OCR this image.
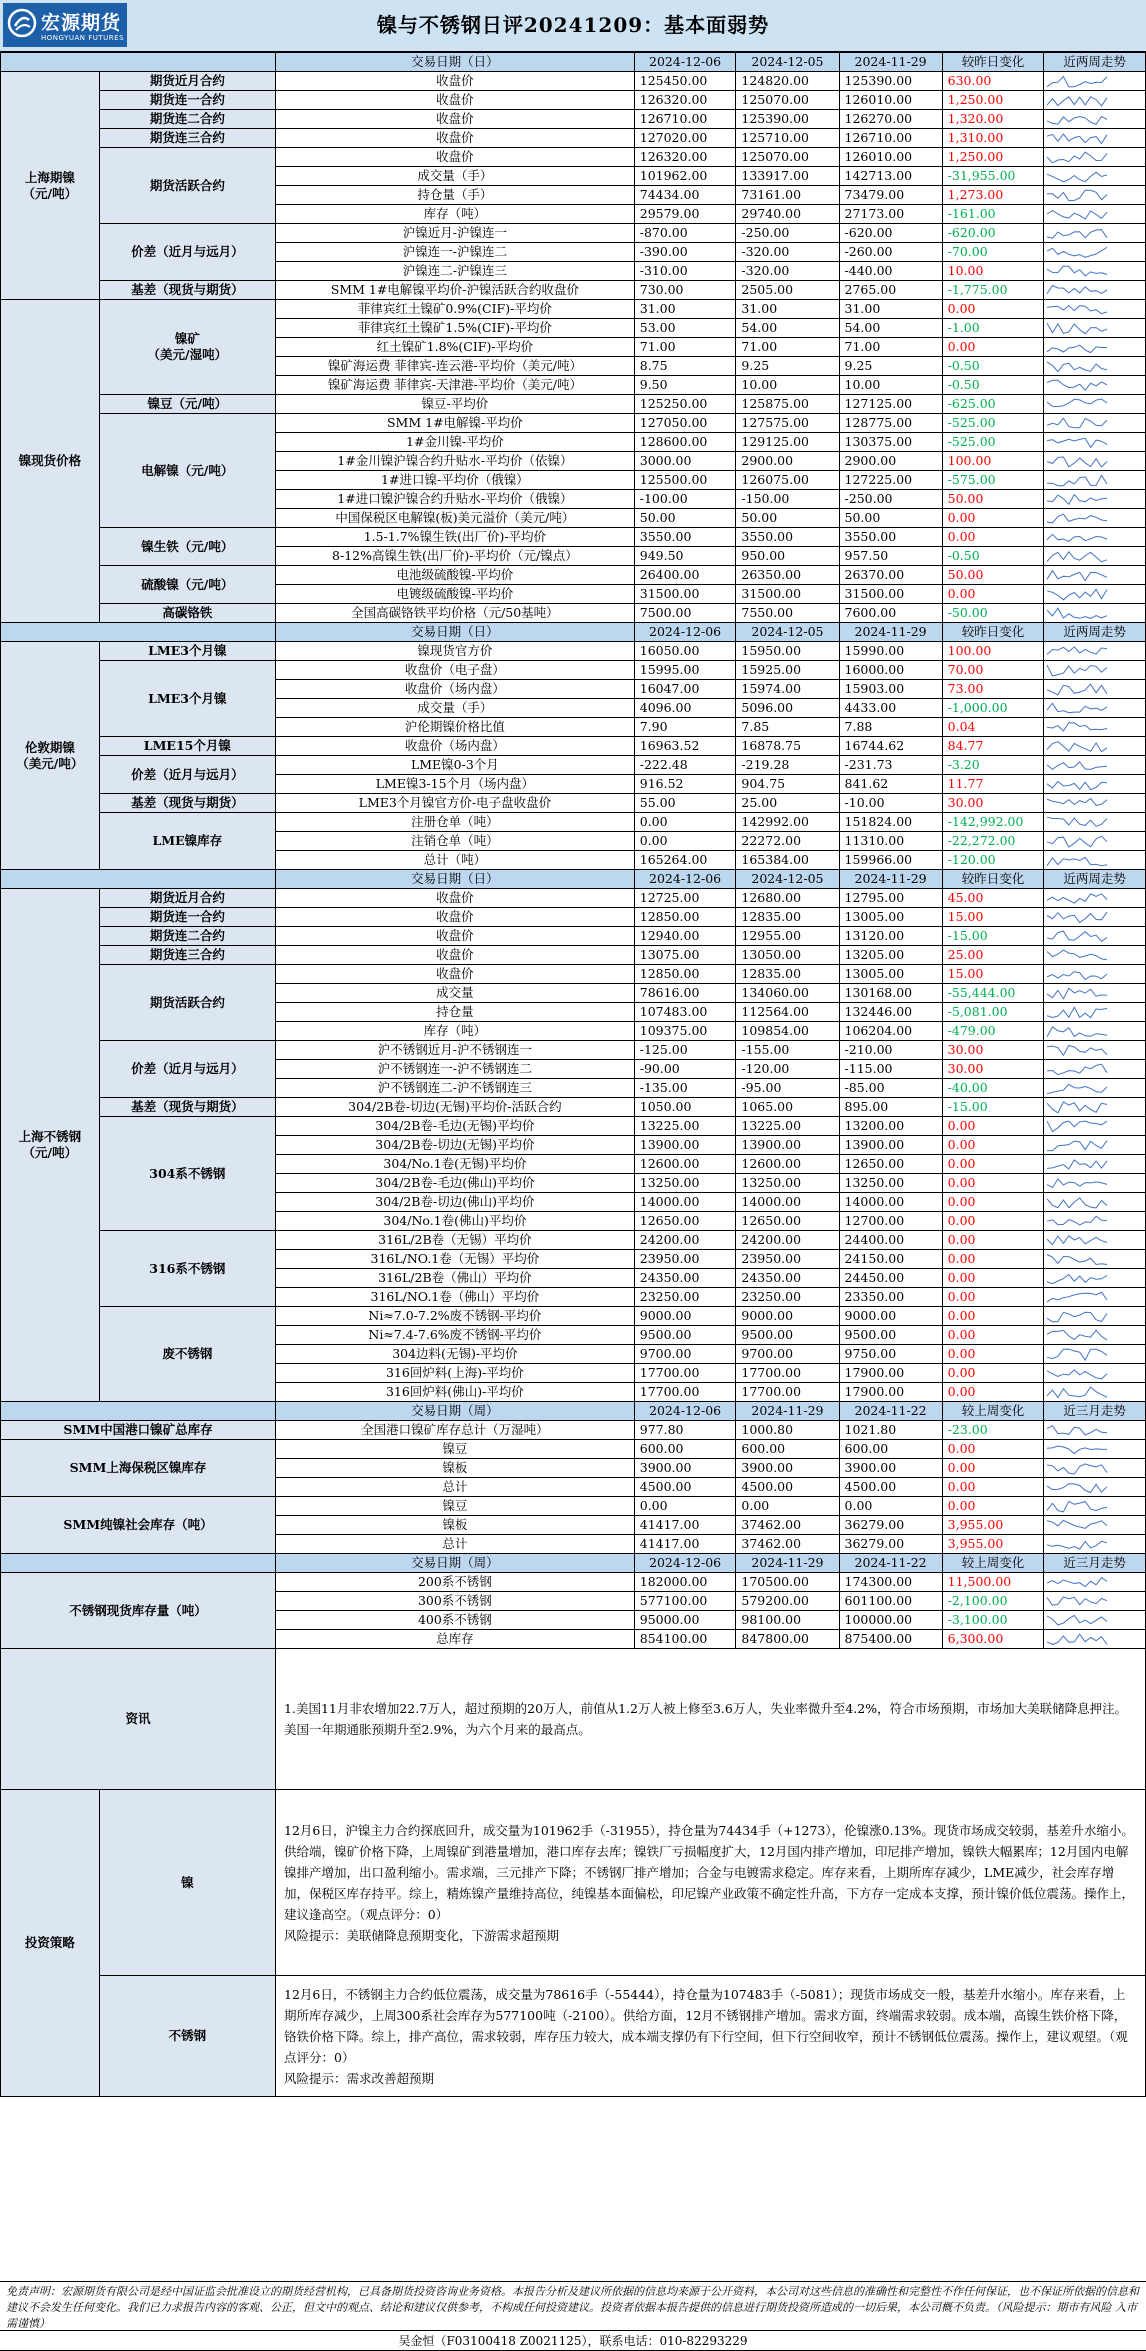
宏源期货
HONGYUAN FUTURES
镍与不锈钢日评20241209：基本面弱势
		交易日期（日）	2024-12-06	2024-12-05	2024-11-29	较昨日变化	近两周走势
上海期镍
（元/吨）	期货近月合约	收盘价	125450.00	124820.00	125390.00	630.00	

	期货连一合约	收盘价	126320.00	125070.00	126010.00	1,250.00	

	期货连二合约	收盘价	126710.00	125390.00	126270.00	1,320.00	

	期货连三合约	收盘价	127020.00	125710.00	126710.00	1,310.00	

	期货活跃合约	收盘价	126320.00	125070.00	126010.00	1,250.00	

		成交量（手）	101962.00	133917.00	142713.00	-31,955.00	

		持仓量（手）	74434.00	73161.00	73479.00	1,273.00	

		库存（吨）	29579.00	29740.00	27173.00	-161.00	

	价差（近月与远月）	沪镍近月-沪镍连一	-870.00	-250.00	-620.00	-620.00	

		沪镍连一-沪镍连二	-390.00	-320.00	-260.00	-70.00	

		沪镍连二-沪镍连三	-310.00	-320.00	-440.00	10.00	

	基差（现货与期货）	SMM 1#电解镍平均价-沪镍活跃合约收盘价	730.00	2505.00	2765.00	-1,775.00	

镍现货价格	镍矿
（美元/湿吨）	菲律宾红土镍矿0.9%(CIF)-平均价	31.00	31.00	31.00	0.00	

		菲律宾红土镍矿1.5%(CIF)-平均价	53.00	54.00	54.00	-1.00	

		红土镍矿1.8%(CIF)-平均价	71.00	71.00	71.00	0.00	

		镍矿海运费 菲律宾-连云港-平均价（美元/吨）	8.75	9.25	9.25	-0.50	

		镍矿海运费 菲律宾-天津港-平均价（美元/吨）	9.50	10.00	10.00	-0.50	

	镍豆（元/吨）	镍豆-平均价	125250.00	125875.00	127125.00	-625.00	

	电解镍（元/吨）	SMM 1#电解镍-平均价	127050.00	127575.00	128775.00	-525.00	

		1#金川镍-平均价	128600.00	129125.00	130375.00	-525.00	

		1#金川镍沪镍合约升贴水-平均价（依镍）	3000.00	2900.00	2900.00	100.00	

		1#进口镍-平均价（俄镍）	125500.00	126075.00	127225.00	-575.00	

		1#进口镍沪镍合约升贴水-平均价（俄镍）	-100.00	-150.00	-250.00	50.00	

		中国保税区电解镍(板)美元溢价（美元/吨）	50.00	50.00	50.00	0.00	

	镍生铁（元/吨）	1.5-1.7%镍生铁(出厂价)-平均价	3550.00	3550.00	3550.00	0.00	

		8-12%高镍生铁(出厂价)-平均价（元/镍点）	949.50	950.00	957.50	-0.50	

	硫酸镍（元/吨）	电池级硫酸镍-平均价	26400.00	26350.00	26370.00	50.00	

		电镀级硫酸镍-平均价	31500.00	31500.00	31500.00	0.00	

	高碳铬铁	全国高碳铬铁平均价格（元/50基吨）	7500.00	7550.00	7600.00	-50.00	

		交易日期（日）	2024-12-06	2024-12-05	2024-11-29	较昨日变化	近两周走势
伦敦期镍
（美元/吨）	LME3个月镍	镍现货官方价	16050.00	15950.00	15990.00	100.00	

	LME3个月镍	收盘价（电子盘）	15995.00	15925.00	16000.00	70.00	

		收盘价（场内盘）	16047.00	15974.00	15903.00	73.00	

		成交量（手）	4096.00	5096.00	4433.00	-1,000.00	

		沪伦期镍价格比值	7.90	7.85	7.88	0.04	

	LME15个月镍	收盘价（场内盘）	16963.52	16878.75	16744.62	84.77	

	价差（近月与远月）	LME镍0-3个月	-222.48	-219.28	-231.73	-3.20	

		LME镍3-15个月（场内盘）	916.52	904.75	841.62	11.77	

	基差（现货与期货）	LME3个月镍官方价-电子盘收盘价	55.00	25.00	-10.00	30.00	

	LME镍库存	注册仓单（吨）	0.00	142992.00	151824.00	-142,992.00	

		注销仓单（吨）	0.00	22272.00	11310.00	-22,272.00	

		总计（吨）	165264.00	165384.00	159966.00	-120.00	

		交易日期（日）	2024-12-06	2024-12-05	2024-11-29	较昨日变化	近两周走势
上海不锈钢
（元/吨）	期货近月合约	收盘价	12725.00	12680.00	12795.00	45.00	

	期货连一合约	收盘价	12850.00	12835.00	13005.00	15.00	

	期货连二合约	收盘价	12940.00	12955.00	13120.00	-15.00	

	期货连三合约	收盘价	13075.00	13050.00	13205.00	25.00	

	期货活跃合约	收盘价	12850.00	12835.00	13005.00	15.00	

		成交量	78616.00	134060.00	130168.00	-55,444.00	

		持仓量	107483.00	112564.00	132446.00	-5,081.00	

		库存（吨）	109375.00	109854.00	106204.00	-479.00	

	价差（近月与远月）	沪不锈钢近月-沪不锈钢连一	-125.00	-155.00	-210.00	30.00	

		沪不锈钢连一-沪不锈钢连二	-90.00	-120.00	-115.00	30.00	

		沪不锈钢连二-沪不锈钢连三	-135.00	-95.00	-85.00	-40.00	

	基差（现货与期货）	304/2B卷-切边(无锡)平均价-活跃合约	1050.00	1065.00	895.00	-15.00	

	304系不锈钢	304/2B卷-毛边(无锡)平均价	13225.00	13225.00	13200.00	0.00	

		304/2B卷-切边(无锡)平均价	13900.00	13900.00	13900.00	0.00	

		304/No.1卷(无锡)平均价	12600.00	12600.00	12650.00	0.00	

		304/2B卷-毛边(佛山)平均价	13250.00	13250.00	13250.00	0.00	

		304/2B卷-切边(佛山)平均价	14000.00	14000.00	14000.00	0.00	

		304/No.1卷(佛山)平均价	12650.00	12650.00	12700.00	0.00	

	316系不锈钢	316L/2B卷（无锡）平均价	24200.00	24200.00	24400.00	0.00	

		316L/NO.1卷（无锡）平均价	23950.00	23950.00	24150.00	0.00	

		316L/2B卷（佛山）平均价	24350.00	24350.00	24450.00	0.00	

		316L/NO.1卷（佛山）平均价	23250.00	23250.00	23350.00	0.00	

	废不锈钢	Ni≈7.0-7.2%废不锈钢-平均价	9000.00	9000.00	9000.00	0.00	

		Ni≈7.4-7.6%废不锈钢-平均价	9500.00	9500.00	9500.00	0.00	

		304边料(无锡)-平均价	9700.00	9700.00	9750.00	0.00	

		316回炉料(上海)-平均价	17700.00	17700.00	17900.00	0.00	

		316回炉料(佛山)-平均价	17700.00	17700.00	17900.00	0.00	

		交易日期（周）	2024-12-06	2024-11-29	2024-11-22	较上周变化	近三月走势
SMM中国港口镍矿总库存		全国港口镍矿库存总计（万湿吨）	977.80	1000.80	1021.80	-23.00	

SMM上海保税区镍库存		镍豆	600.00	600.00	600.00	0.00	

		镍板	3900.00	3900.00	3900.00	0.00	

		总计	4500.00	4500.00	4500.00	0.00	

SMM纯镍社会库存（吨）		镍豆	0.00	0.00	0.00	0.00	

		镍板	41417.00	37462.00	36279.00	3,955.00	

		总计	41417.00	37462.00	36279.00	3,955.00	

		交易日期（周）	2024-12-06	2024-11-29	2024-11-22	较上周变化	近三月走势
不锈钢现货库存量（吨）		200系不锈钢	182000.00	170500.00	174300.00	11,500.00	

		300系不锈钢	577100.00	579200.00	601100.00	-2,100.00	

		400系不锈钢	95000.00	98100.00	100000.00	-3,100.00	

		总库存	854100.00	847800.00	875400.00	6,300.00	

资讯		1.美国11月非农增加22.7万人，超过预期的20万人，前值从1.2万人被上修至3.6万人，失业率微升至4.2%，符合市场预期，市场加大美联储降息押注。美国一年期通胀预期升至2.9%，为六个月来的最高点。					
投资策略	镍	12月6日，沪镍主力合约探底回升，成交量为101962手（-31955），持仓量为74434手（+1273），伦镍涨0.13%。现货市场成交较弱，基差升水缩小。供给端，镍矿价格下降，上周镍矿到港量增加，港口库存去库；镍铁厂亏损幅度扩大，12月国内排产增加，印尼排产增加，镍铁大幅累库；12月国内电解镍排产增加，出口盈利缩小。需求端，三元排产下降；不锈钢厂排产增加；合金与电镀需求稳定。库存来看，上期所库存减少，LME减少，社会库存增加，保税区库存持平。综上，精炼镍产量维持高位，纯镍基本面偏松，印尼镍产业政策不确定性升高，下方存一定成本支撑，预计镍价低位震荡。操作上，建议逢高空。（观点评分：0）
风险提示：美联储降息预期变化，下游需求超预期					

	不锈钢	12月6日，不锈钢主力合约低位震荡，成交量为78616手（-55444），持仓量为107483手（-5081）；现货市场成交一般，基差升水缩小。库存来看，上期所库存减少，上周300系社会库存为577100吨（-2100）。供给方面，12月不锈钢排产增加。需求方面，终端需求较弱。成本端，高镍生铁价格下降，铬铁价格下降。综上，排产高位，需求较弱，库存压力较大，成本端支撑仍有下行空间，但下行空间收窄，预计不锈钢低位震荡。操作上，建议观望。（观点评分：0）
风险提示：需求改善超预期					
免责声明：宏源期货有限公司是经中国证监会批准设立的期货经营机构，已具备期货投资咨询业务资格。本报告分析及建议所依据的信息均来源于公开资料，本公司对这些信息的准确性和完整性不作任何保证，也不保证所依据的信息和建议不会发生任何变化。我们已力求报告内容的客观、公正，但文中的观点、结论和建议仅供参考，不构成任何投资建议。投资者依据本报告提供的信息进行期货投资所造成的一切后果，本公司概不负责。（风险提示：期市有风险 入市需谨慎）
吴金恒（F03100418 Z0021125），联系电话：010-82293229
